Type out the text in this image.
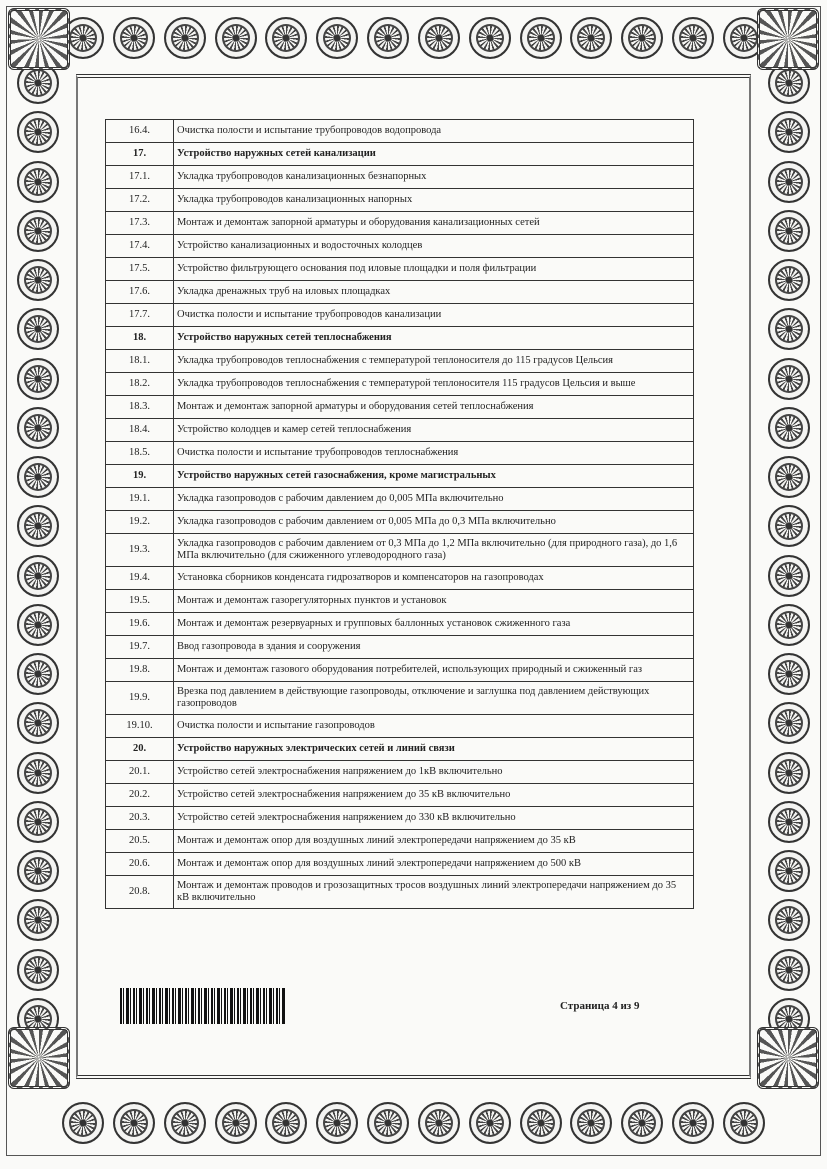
16.4.	Очистка полости и испытание трубопроводов водопровода
17.	Устройство наружных сетей канализации
17.1.	Укладка трубопроводов канализационных безнапорных
17.2.	Укладка трубопроводов канализационных напорных
17.3.	Монтаж и демонтаж запорной арматуры и оборудования канализационных сетей
17.4.	Устройство канализационных и водосточных колодцев
17.5.	Устройство фильтрующего основания под иловые площадки и поля фильтрации
17.6.	Укладка дренажных труб на иловых площадках
17.7.	Очистка полости и испытание трубопроводов канализации
18.	Устройство наружных сетей теплоснабжения
18.1.	Укладка трубопроводов теплоснабжения с температурой теплоносителя до 115 градусов Цельсия
18.2.	Укладка трубопроводов теплоснабжения с температурой теплоносителя 115 градусов Цельсия и выше
18.3.	Монтаж и демонтаж запорной арматуры и оборудования сетей теплоснабжения
18.4.	Устройство колодцев и камер сетей теплоснабжения
18.5.	Очистка полости и испытание трубопроводов теплоснабжения
19.	Устройство наружных сетей газоснабжения, кроме магистральных
19.1.	Укладка газопроводов с рабочим давлением до 0,005 МПа включительно
19.2.	Укладка газопроводов с рабочим давлением от 0,005 МПа до 0,3 МПа включительно
19.3.	Укладка газопроводов с рабочим давлением от 0,3 МПа до 1,2 МПа включительно (для природного газа), до 1,6 МПа включительно (для сжиженного углеводородного газа)
19.4.	Установка сборников конденсата гидрозатворов и компенсаторов на газопроводах
19.5.	Монтаж и демонтаж газорегуляторных пунктов и установок
19.6.	Монтаж и демонтаж резервуарных и групповых баллонных установок сжиженного газа
19.7.	Ввод газопровода в здания и сооружения
19.8.	Монтаж и демонтаж газового оборудования потребителей, использующих природный и сжиженный газ
19.9.	Врезка под давлением в действующие газопроводы, отключение и заглушка под давлением действующих газопроводов
19.10.	Очистка полости и испытание газопроводов
20.	Устройство наружных электрических сетей и линий связи
20.1.	Устройство сетей электроснабжения напряжением до 1кВ включительно
20.2.	Устройство сетей электроснабжения напряжением до 35 кВ включительно
20.3.	Устройство сетей электроснабжения напряжением до 330 кВ включительно
20.5.	Монтаж и демонтаж опор для воздушных линий электропередачи напряжением до 35 кВ
20.6.	Монтаж и демонтаж опор для воздушных линий электропередачи напряжением до 500 кВ
20.8.	Монтаж и демонтаж проводов и грозозащитных тросов воздушных линий электропередачи напряжением до 35 кВ включительно
Страница 4 из 9
